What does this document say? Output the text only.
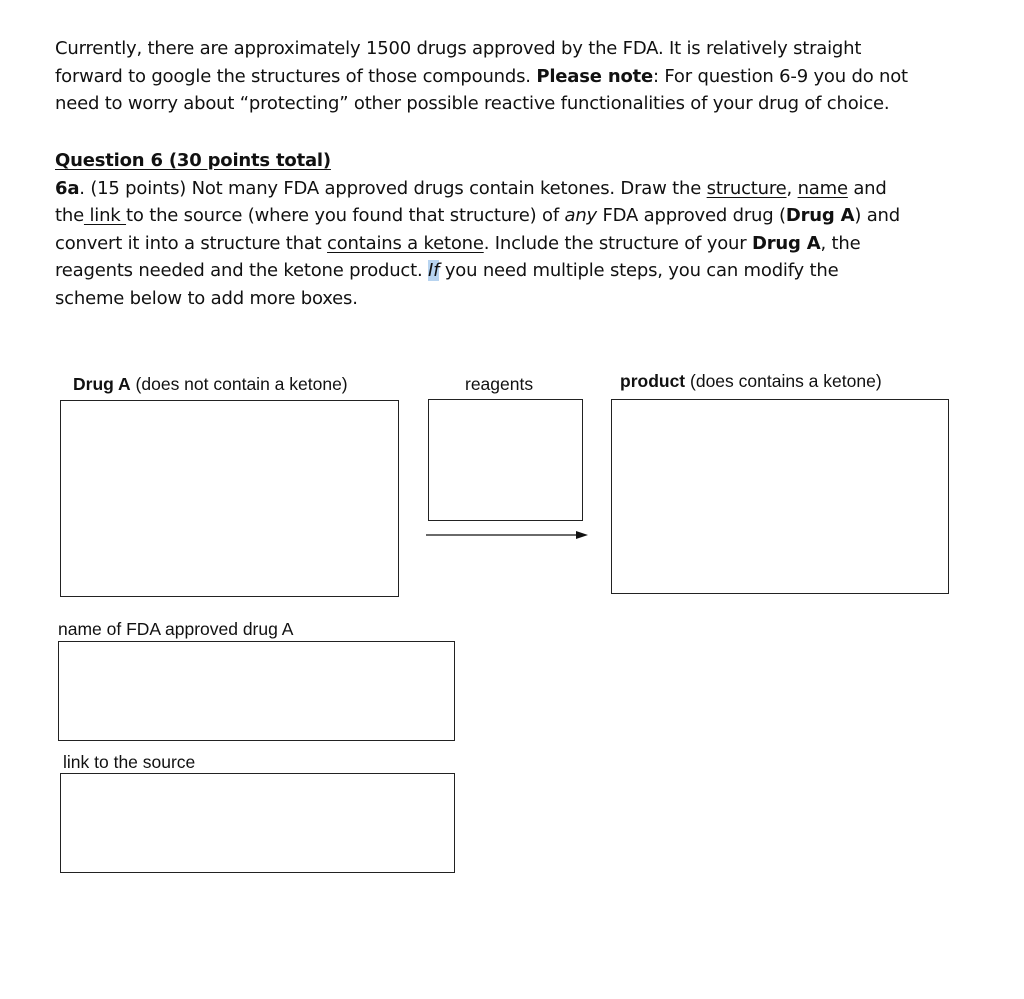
Currently, there are approximately 1500 drugs approved by the FDA. It is relatively straight
forward to google the structures of those compounds. Please note: For question 6-9 you do not
need to worry about “protecting” other possible reactive functionalities of your drug of choice.
Question 6 (30 points total)
6a. (15 points) Not many FDA approved drugs contain ketones. Draw the structure, name and
the link to the source (where you found that structure) of any FDA approved drug (Drug A) and
convert it into a structure that contains a ketone. Include the structure of your Drug A, the
reagents needed and the ketone product. If you need multiple steps, you can modify the
scheme below to add more boxes.
Drug A (does not contain a ketone)	reagents	product (does contains a ketone)
name of FDA approved drug A
link to the source
